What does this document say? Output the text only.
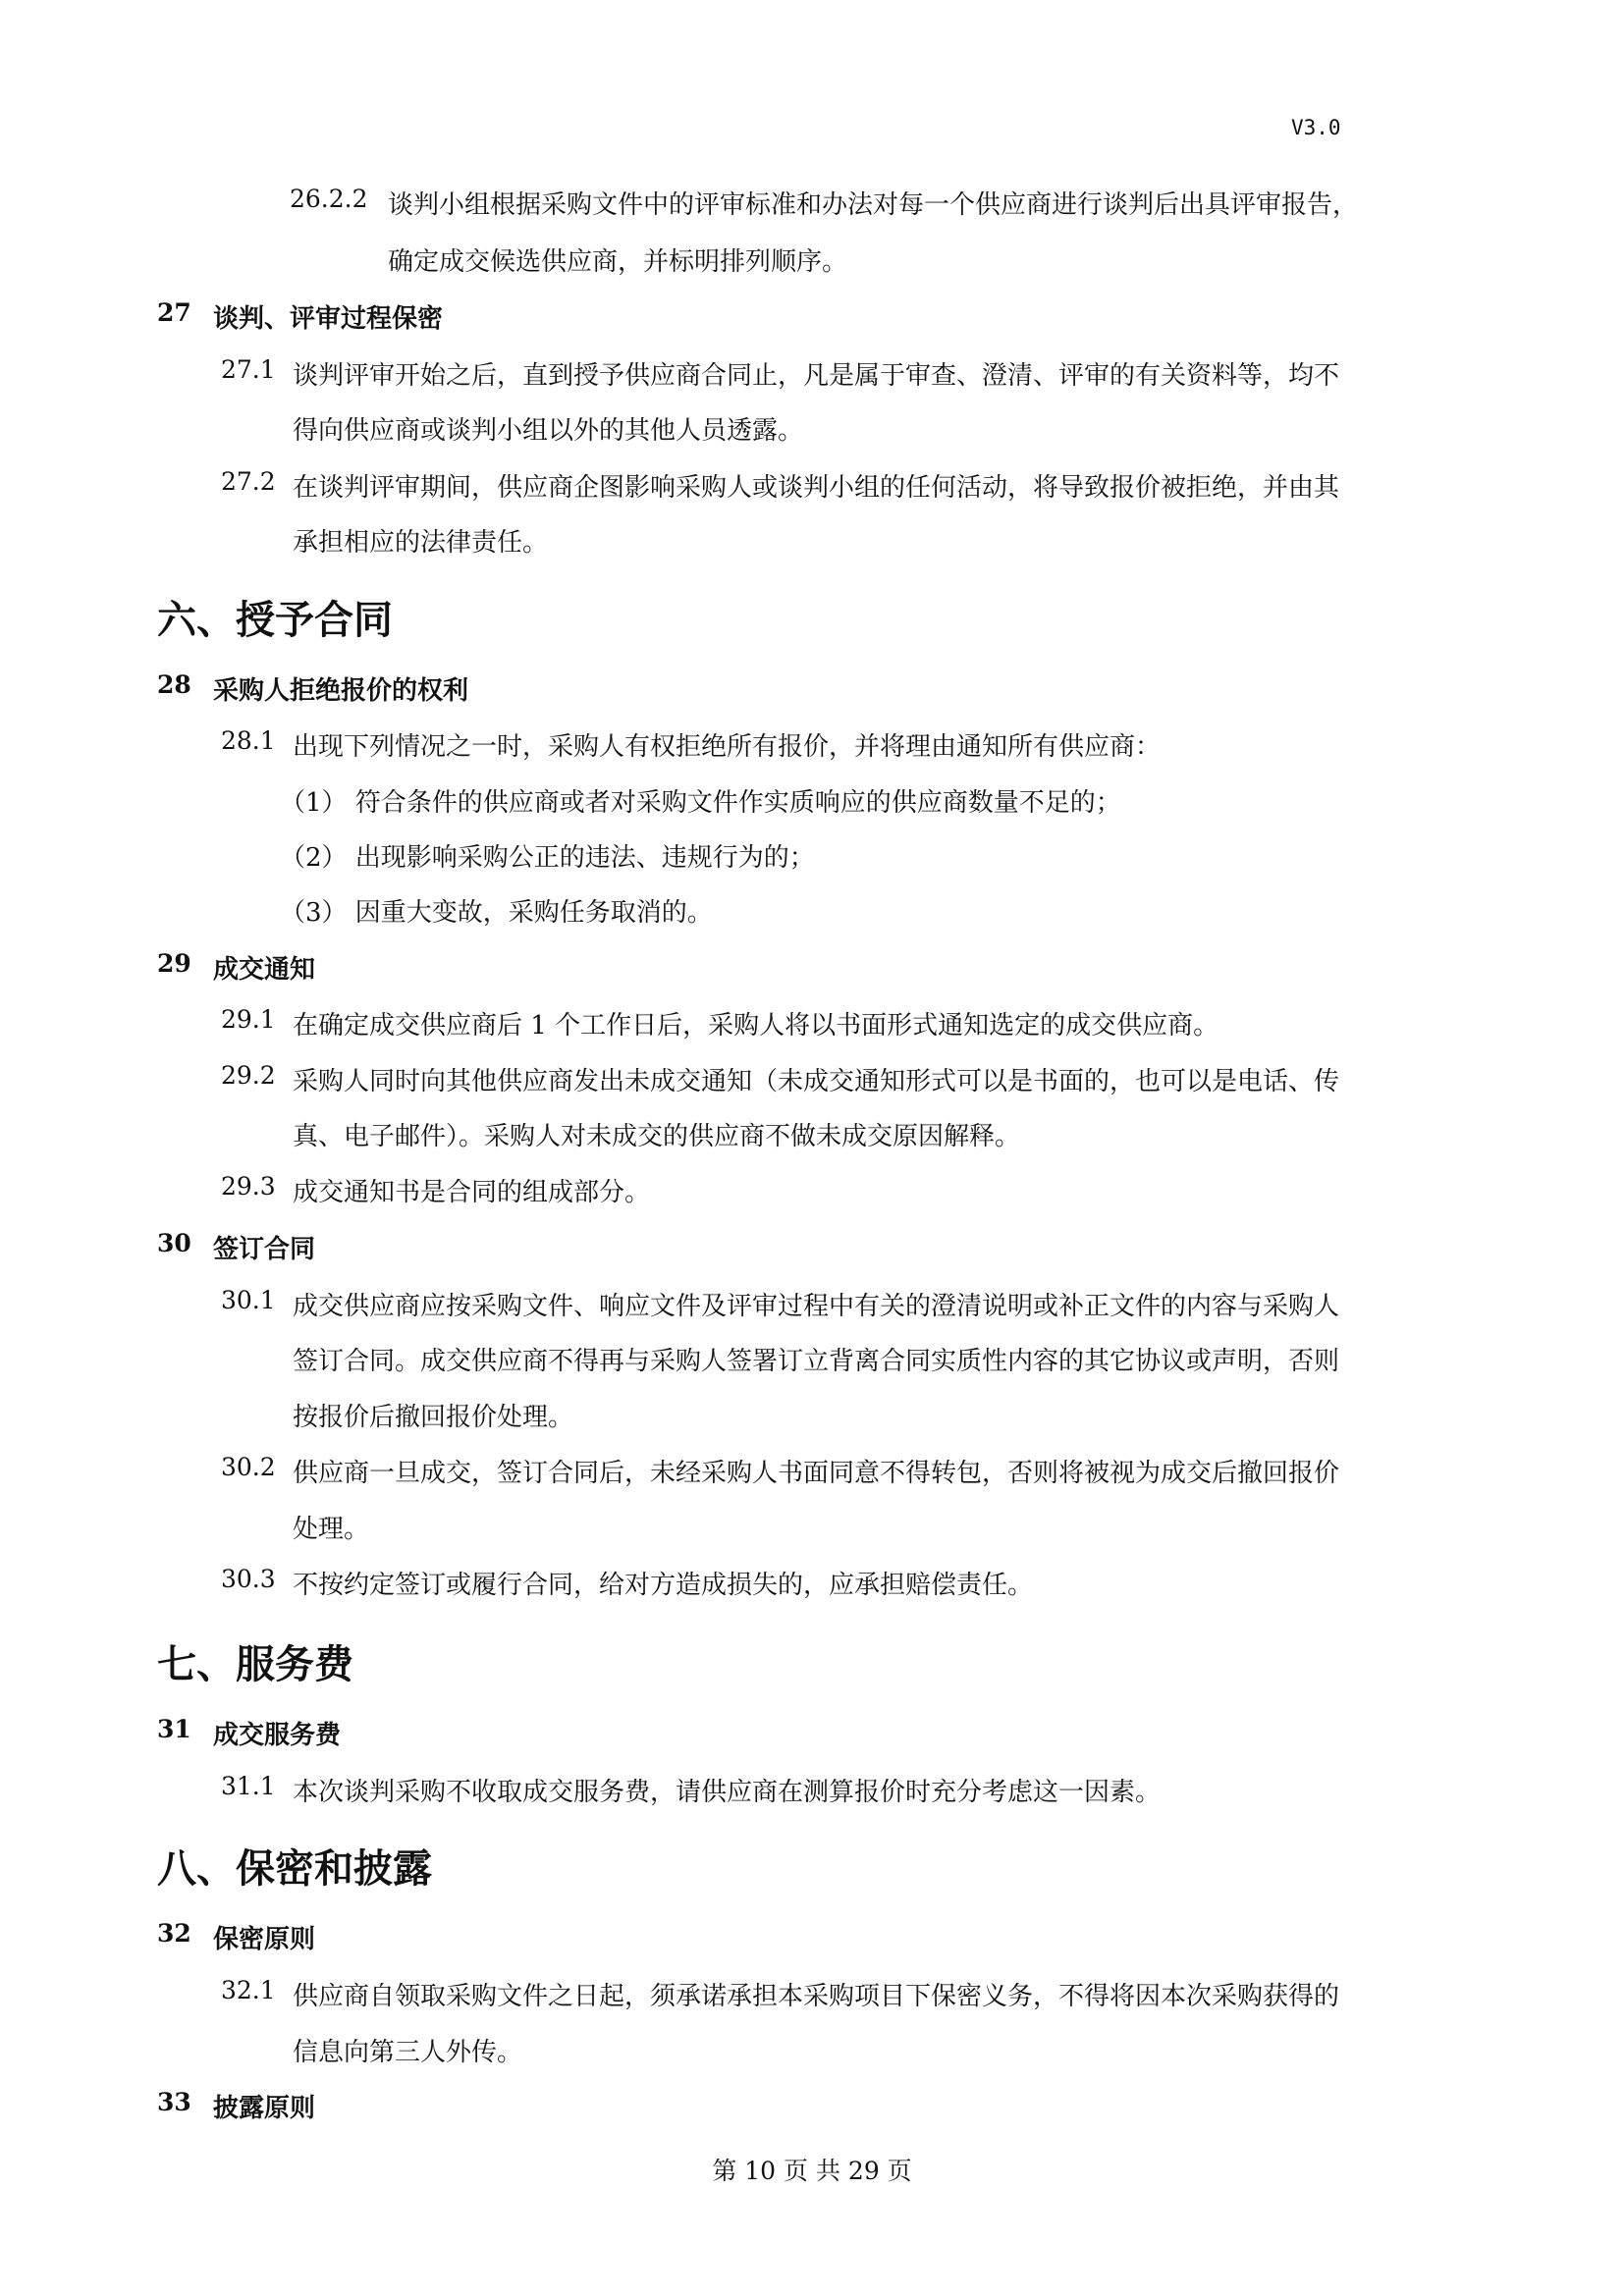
V3.0
26.2.2 谈判小组根据采购文件中的评审标准和办法对每一个供应商进行谈判后出具评审报告，
确定成交候选供应商，并标明排列顺序。
27 谈判、评审过程保密
27.1 谈判评审开始之后，直到授予供应商合同止，凡是属于审查、澄清、评审的有关资料等，均不
得向供应商或谈判小组以外的其他人员透露。
27.2 在谈判评审期间，供应商企图影响采购人或谈判小组的任何活动，将导致报价被拒绝，并由其
承担相应的法律责任。
六、授予合同
28 采购人拒绝报价的权利
28.1 出现下列情况之一时，采购人有权拒绝所有报价，并将理由通知所有供应商：
（1） 符合条件的供应商或者对采购文件作实质响应的供应商数量不足的；
（2） 出现影响采购公正的违法、违规行为的；
（3） 因重大变故，采购任务取消的。
29 成交通知
29.1 在确定成交供应商后 1 个工作日后，采购人将以书面形式通知选定的成交供应商。
29.2 采购人同时向其他供应商发出未成交通知（未成交通知形式可以是书面的，也可以是电话、传
真、电子邮件）。采购人对未成交的供应商不做未成交原因解释。
29.3 成交通知书是合同的组成部分。
30 签订合同
30.1 成交供应商应按采购文件、响应文件及评审过程中有关的澄清说明或补正文件的内容与采购人
签订合同。成交供应商不得再与采购人签署订立背离合同实质性内容的其它协议或声明，否则
按报价后撤回报价处理。
30.2 供应商一旦成交，签订合同后，未经采购人书面同意不得转包，否则将被视为成交后撤回报价
处理。
30.3 不按约定签订或履行合同，给对方造成损失的，应承担赔偿责任。
七、服务费
31 成交服务费
31.1 本次谈判采购不收取成交服务费，请供应商在测算报价时充分考虑这一因素。
八、保密和披露
32 保密原则
32.1 供应商自领取采购文件之日起，须承诺承担本采购项目下保密义务，不得将因本次采购获得的
信息向第三人外传。
33 披露原则
第 10 页 共 29 页
